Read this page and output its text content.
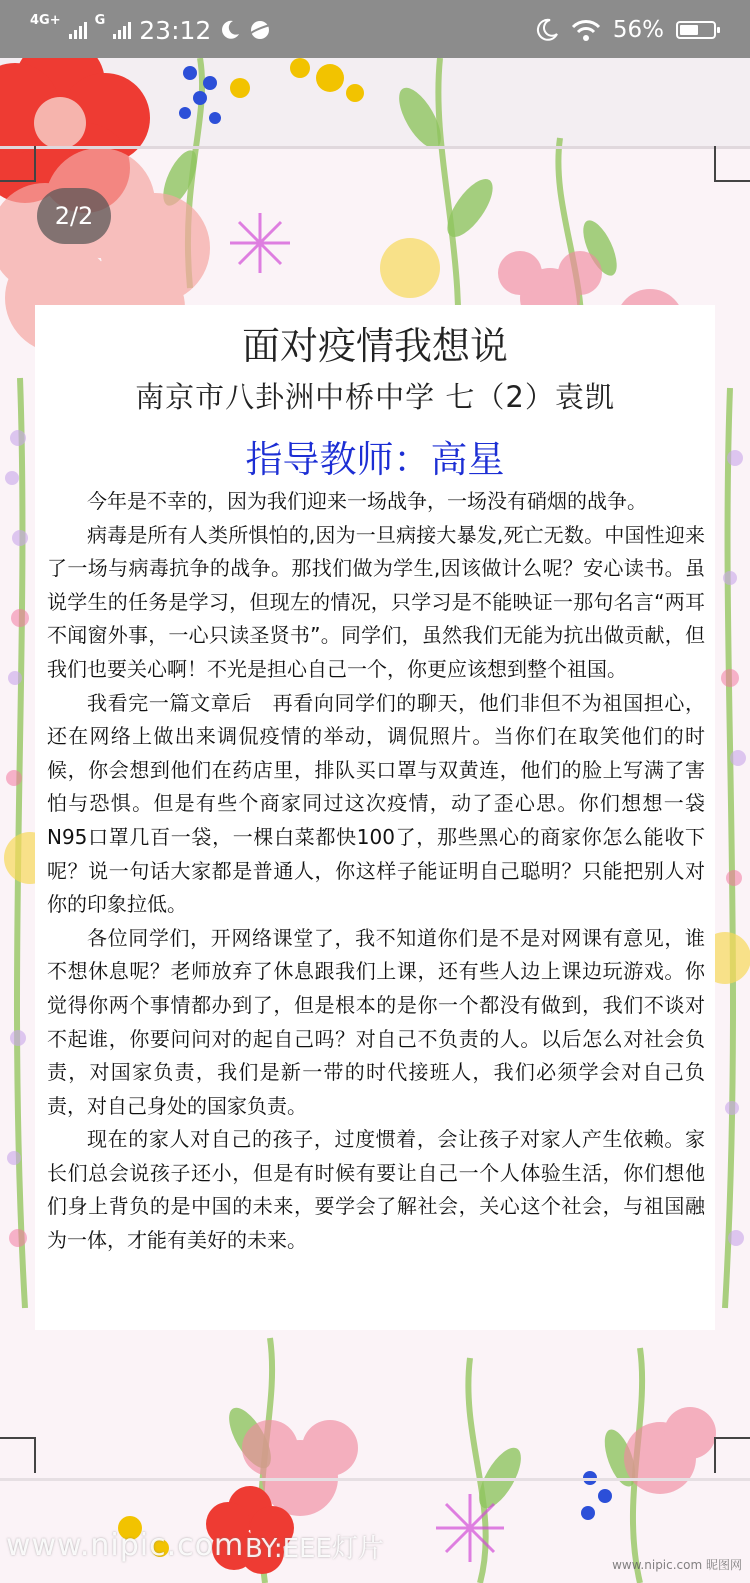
4G+	G 23:12	56%
2/2
面对疫情我想说
南京市八卦洲中桥中学 七（2）袁凯
指导教师：高星

今年是不幸的，因为我们迎来一场战争，一场没有硝烟的战争。

病毒是所有人类所惧怕的,因为一旦病接大暴发,死亡无数。中国性迎来了一场与病毒抗争的战争。那找们做为学生,因该做计么呢？安心读书。虽说学生的任务是学习，但现左的情况，只学习是不能映证一那句名言“两耳不闻窗外事，一心只读圣贤书”。同学们，虽然我们无能为抗出做贡献，但我们也要关心啊！不光是担心自己一个，你更应该想到整个祖国。

我看完一篇文章后　再看向同学们的聊天，他们非但不为祖国担心，还在网络上做出来调侃疫情的举动，调侃照片。当你们在取笑他们的时候，你会想到他们在药店里，排队买口罩与双黄连，他们的脸上写满了害怕与恐惧。但是有些个商家同过这次疫情，动了歪心思。你们想想一袋N95口罩几百一袋，一棵白菜都快100了，那些黑心的商家你怎么能收下呢？说一句话大家都是普通人，你这样子能证明自己聪明？只能把别人对你的印象拉低。

各位同学们，开网络课堂了，我不知道你们是不是对网课有意见，谁不想休息呢？老师放弃了休息跟我们上课，还有些人边上课边玩游戏。你觉得你两个事情都办到了，但是根本的是你一个都没有做到，我们不谈对不起谁，你要问问对的起自己吗？对自己不负责的人。以后怎么对社会负责，对国家负责，我们是新一带的时代接班人，我们必须学会对自己负责，对自己身处的国家负责。

现在的家人对自己的孩子，过度惯着，会让孩子对家人产生依赖。家长们总会说孩子还小，但是有时候有要让自己一个人体验生活，你们想他们身上背负的是中国的未来，要学会了解社会，关心这个社会，与祖国融为一体，才能有美好的未来。

www.nipic.com BY:EEE灯片
www.nipic.com 昵图网
